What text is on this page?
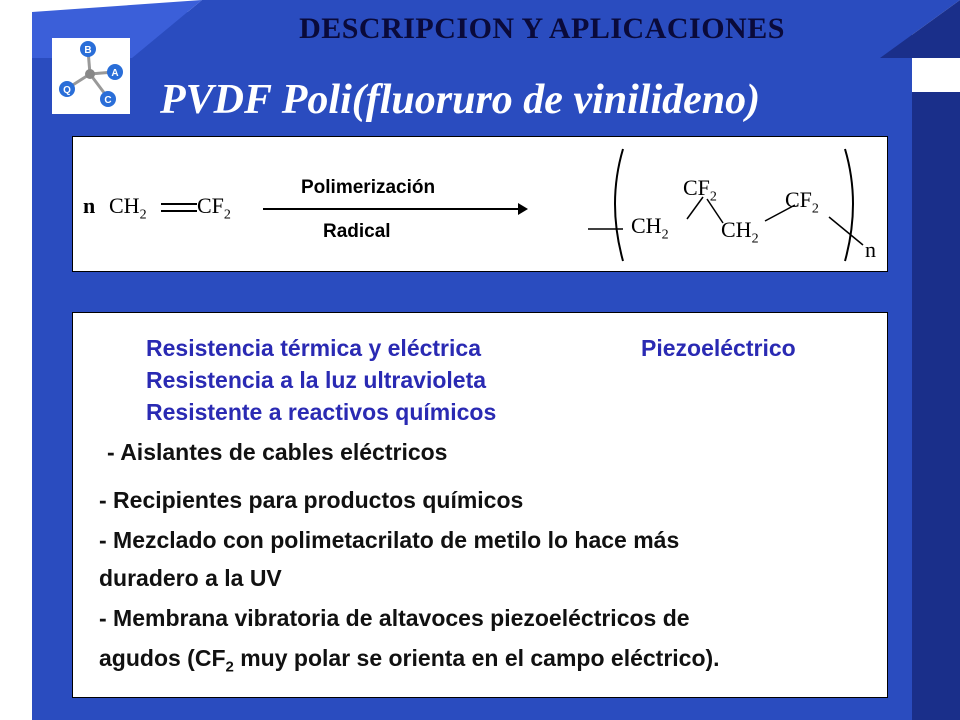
DESCRIPCION Y APLICACIONES
PVDF Poli(fluoruro de vinilideno)
B
A
C
Q
n $CH_2$ $CF_2$
Polimerización
Radical	$CH_2$
$CF_2$
$CH_2$
$CF_2$
n
Resistencia térmica y eléctrica	Piezoeléctrico
Resistencia a la luz ultravioleta
Resistente a reactivos químicos
- Aislantes de cables eléctricos
- Recipientes para productos químicos
- Mezclado con polimetacrilato de metilo lo hace más
duradero a la UV
- Membrana vibratoria de altavoces piezoeléctricos de
agudos ($CF_2$ muy polar se orienta en el campo eléctrico).
